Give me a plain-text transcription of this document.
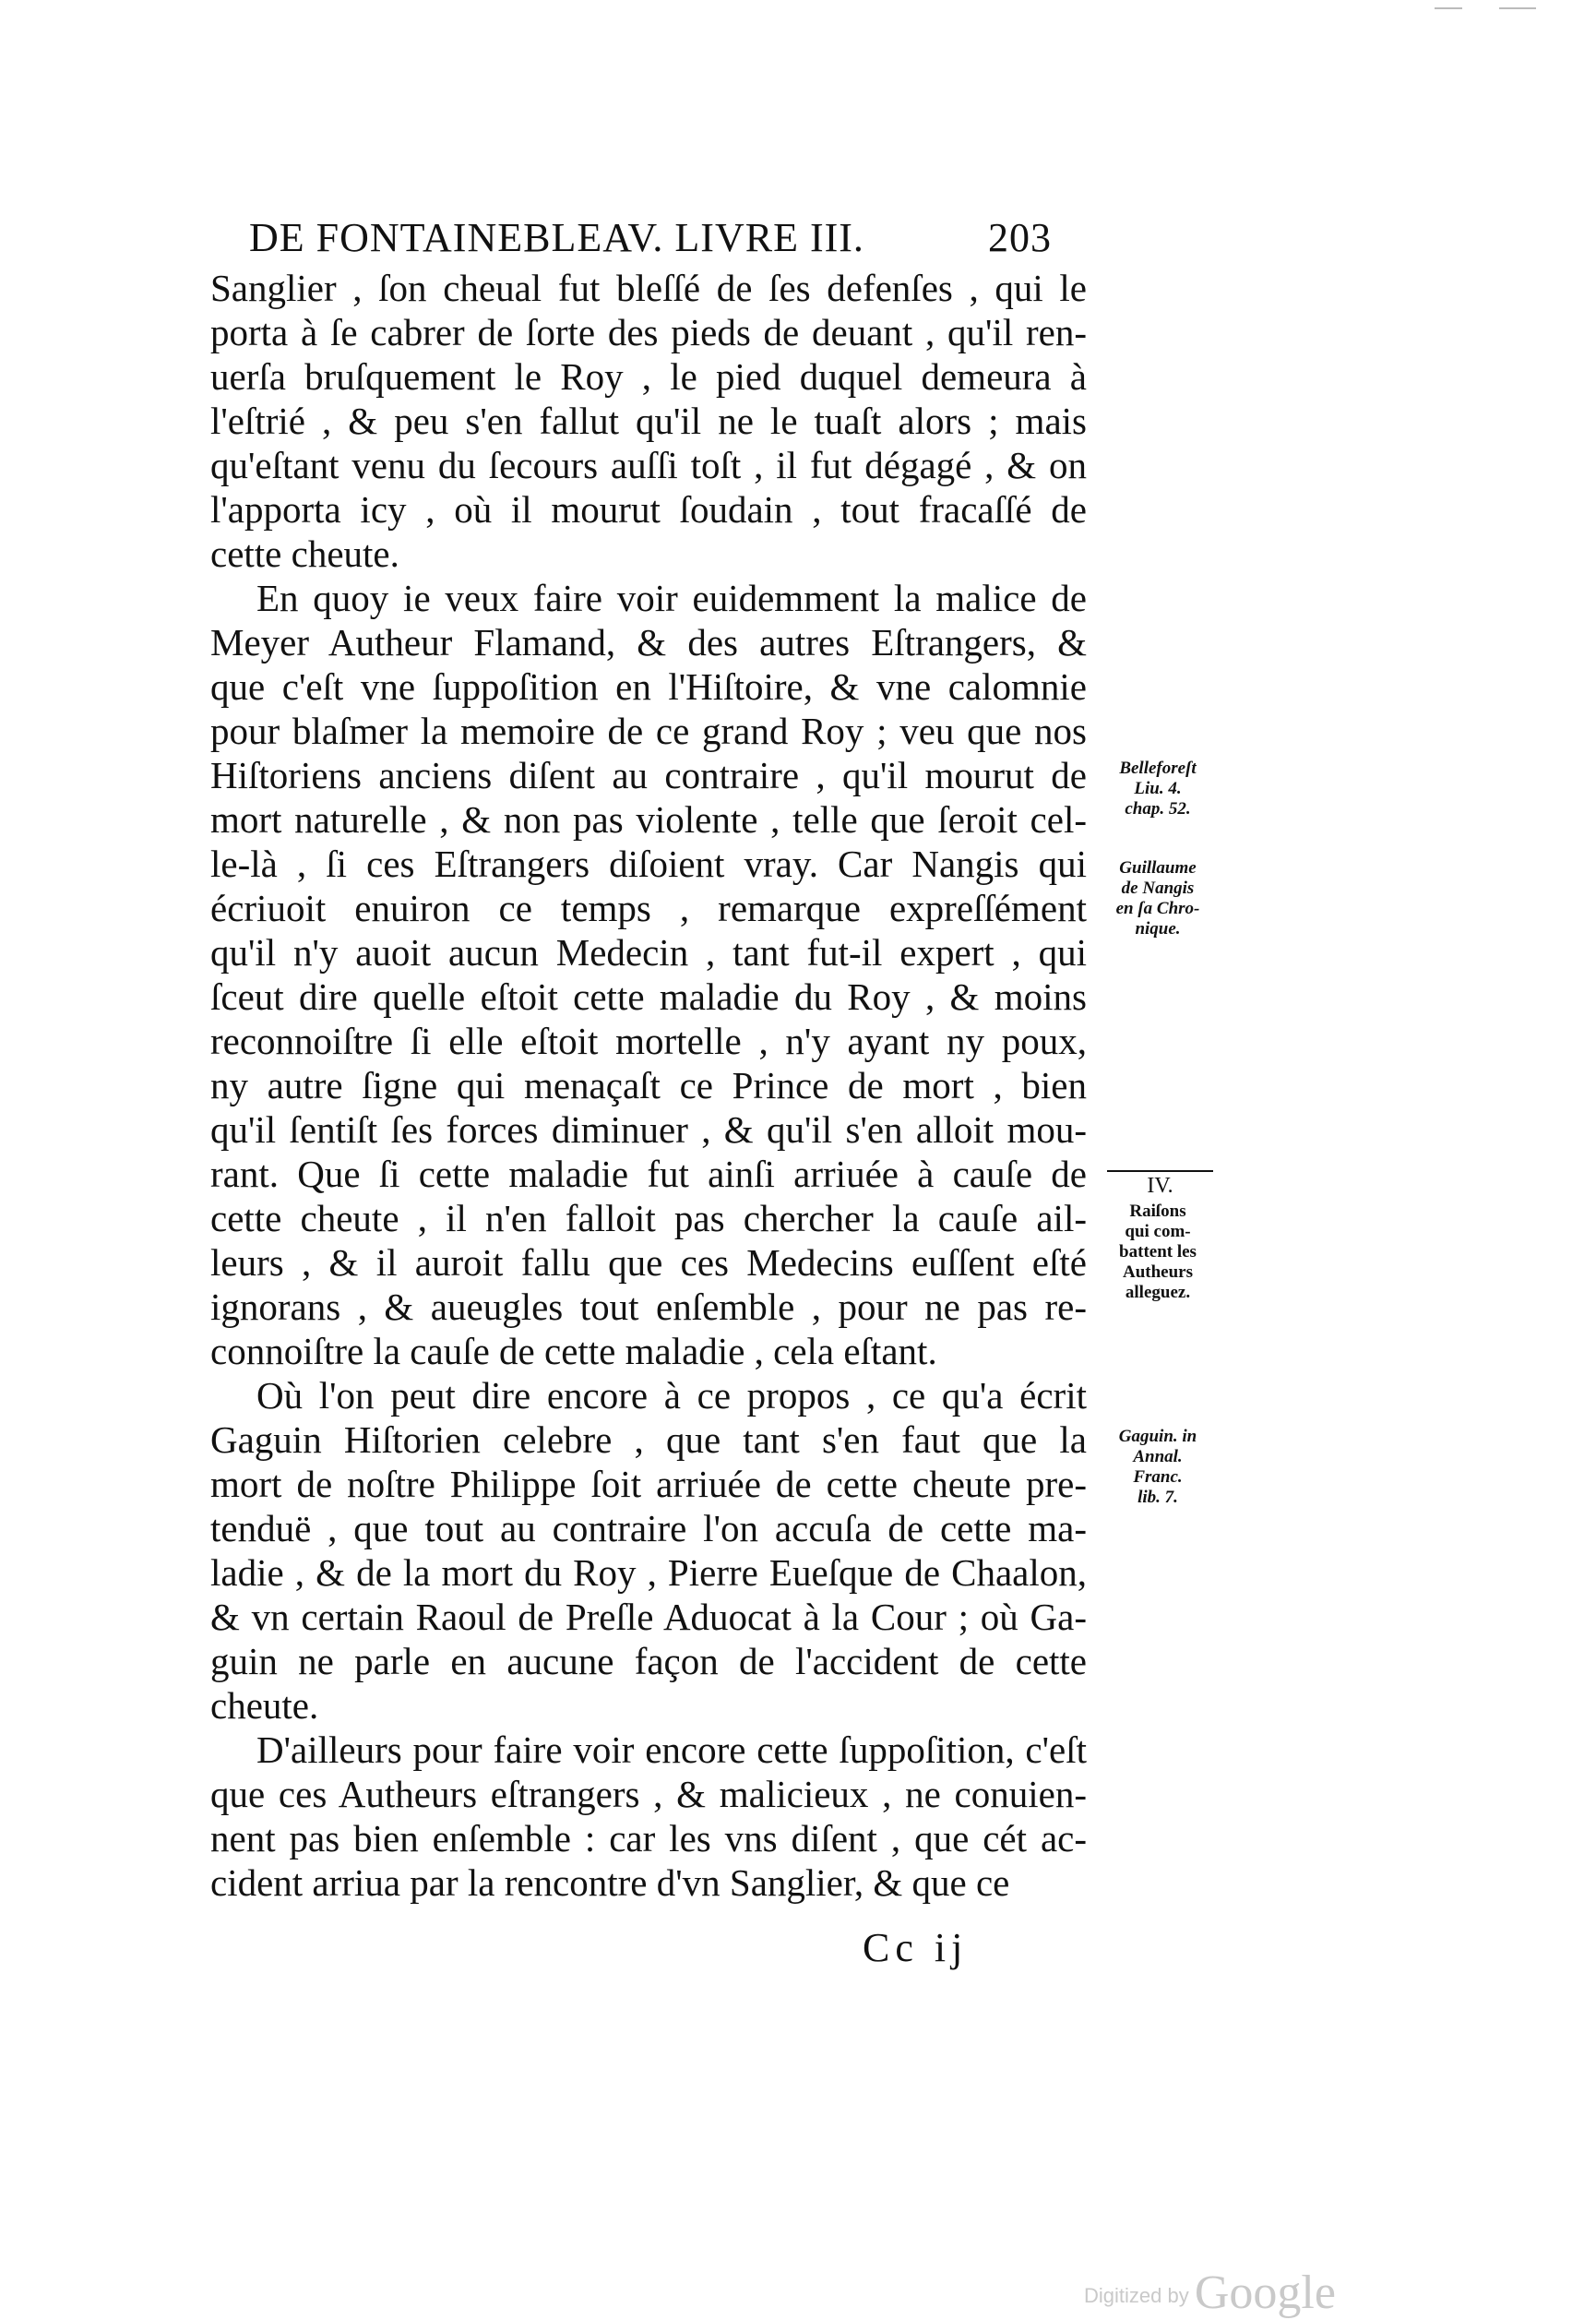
DE FONTAINEBLEAV. LIVRE III.	203
Sanglier , ſon cheual fut bleſſé de ſes defenſes , qui le
porta à ſe cabrer de ſorte des pieds de deuant , qu'il ren-
uerſa bruſquement le Roy , le pied duquel demeura à
l'eſtrié , & peu s'en fallut qu'il ne le tuaſt alors ; mais
qu'eſtant venu du ſecours auſſi toſt , il fut dégagé , & on
l'apporta icy , où il mourut ſoudain , tout fracaſſé de
cette cheute.
En quoy ie veux faire voir euidemment la malice de
Meyer Autheur Flamand, & des autres Eſtrangers, &
que c'eſt vne ſuppoſition en l'Hiſtoire, & vne calomnie
pour blaſmer la memoire de ce grand Roy ; veu que nos
Hiſtoriens anciens diſent au contraire , qu'il mourut de
mort naturelle , & non pas violente , telle que ſeroit cel-
le-là , ſi ces Eſtrangers diſoient vray. Car Nangis qui
écriuoit enuiron ce temps , remarque expreſſément
qu'il n'y auoit aucun Medecin , tant fut-il expert , qui
ſceut dire quelle eſtoit cette maladie du Roy , & moins
reconnoiſtre ſi elle eſtoit mortelle , n'y ayant ny poux,
ny autre ſigne qui menaçaſt ce Prince de mort , bien
qu'il ſentiſt ſes forces diminuer , & qu'il s'en alloit mou-
rant. Que ſi cette maladie fut ainſi arriuée à cauſe de
cette cheute , il n'en falloit pas chercher la cauſe ail-
leurs , & il auroit fallu que ces Medecins euſſent eſté
ignorans , & aueugles tout enſemble , pour ne pas re-
connoiſtre la cauſe de cette maladie , cela eſtant.
Où l'on peut dire encore à ce propos , ce qu'a écrit
Gaguin Hiſtorien celebre , que tant s'en faut que la
mort de noſtre Philippe ſoit arriuée de cette cheute pre-
tenduë , que tout au contraire l'on accuſa de cette ma-
ladie , & de la mort du Roy , Pierre Eueſque de Chaalon,
& vn certain Raoul de Preſle Aduocat à la Cour ; où Ga-
guin ne parle en aucune façon de l'accident de cette
cheute.
D'ailleurs pour faire voir encore cette ſuppoſition, c'eſt
que ces Autheurs eſtrangers , & malicieux , ne conuien-
nent pas bien enſemble : car les vns diſent , que cét ac-
cident arriua par la rencontre d'vn Sanglier, & que ce
Belleforeſt
Liu. 4.
chap. 52.
Guillaume
de Nangis
en ſa Chro-
nique.
IV.
Raiſons
qui com-
battent les
Autheurs
alleguez.
Gaguin. in
Annal.
Franc.
lib. 7.
Cc ij
Digitized by Google
